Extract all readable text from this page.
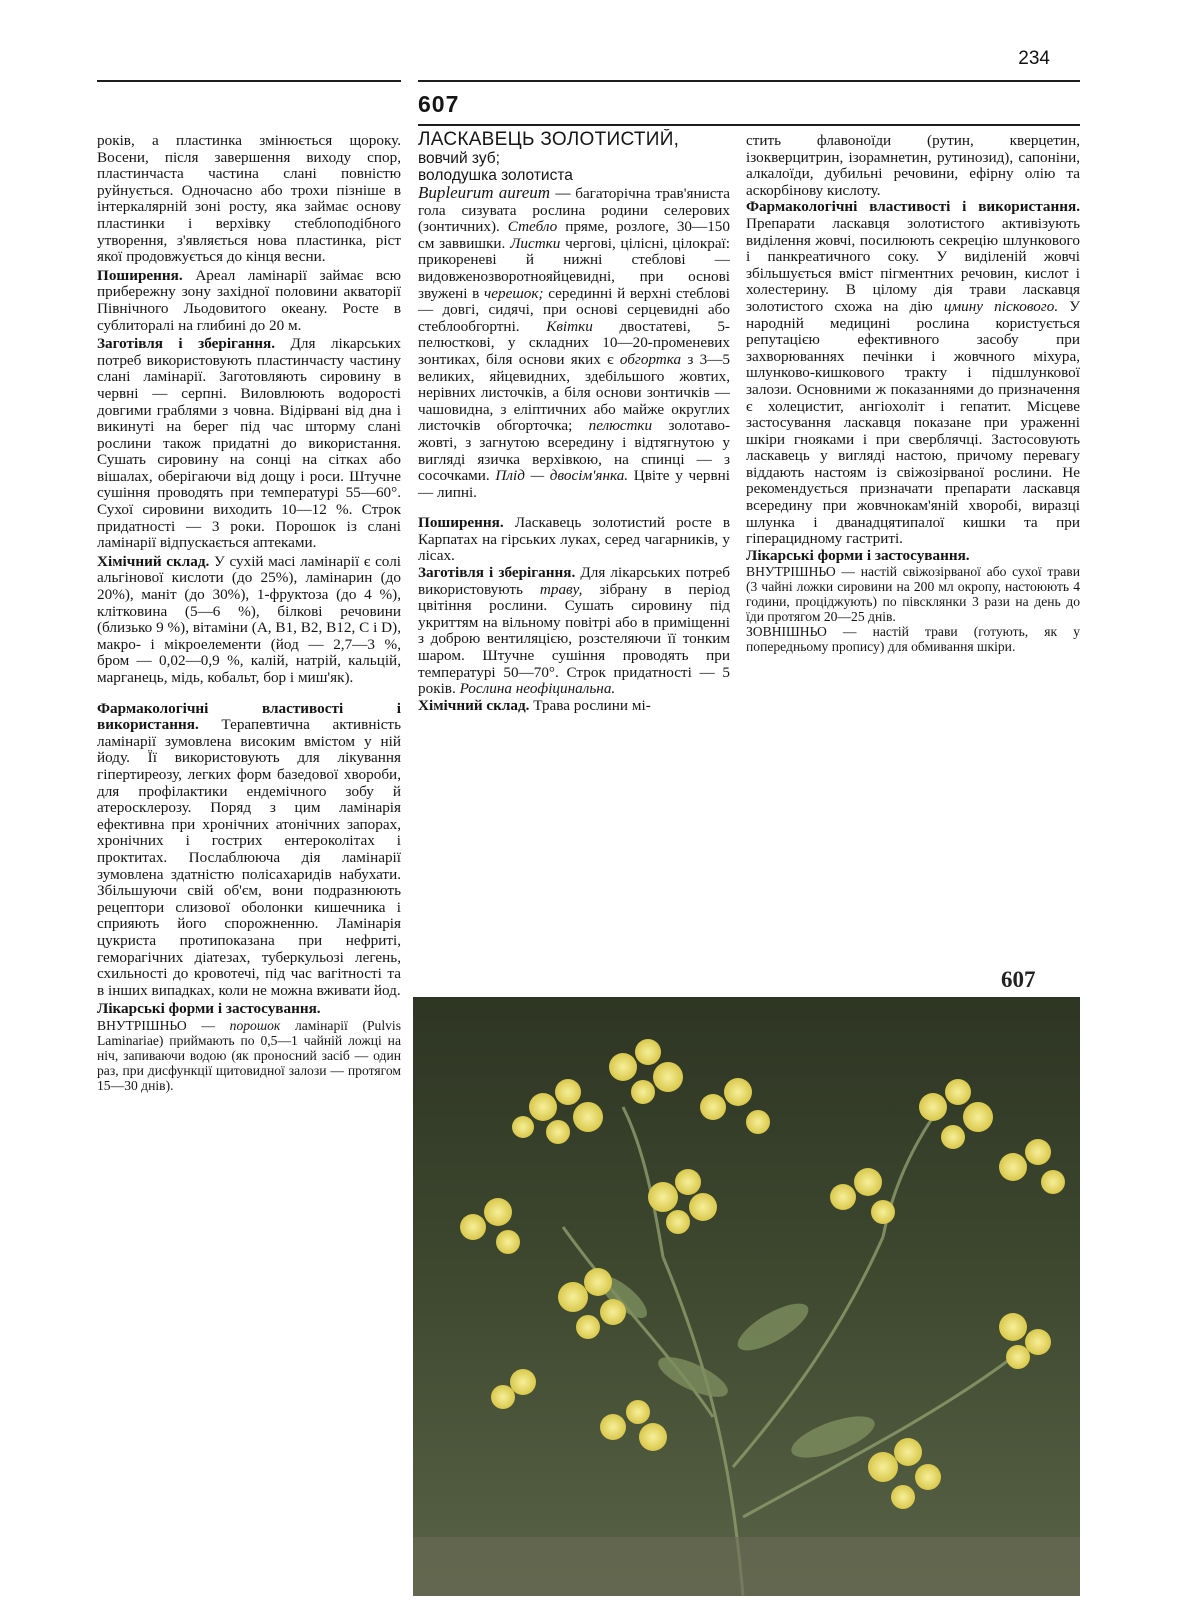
234
607

років, а пластинка змінюється щороку. Восени, після завершення виходу спор, пластинчаста частина слані повністю руйнується. Одночасно або трохи пізніше в інтеркалярній зоні росту, яка займає основу пластинки і верхівку стеблоподібного утворення, з'являється нова пластинка, ріст якої продовжується до кінця весни.

Поширення. Ареал ламінарії займає всю прибережну зону західної половини акваторії Північного Льодовитого океану. Росте в сублиторалі на глибині до 20 м.

Заготівля і зберігання. Для лікарських потреб використовують пластинчасту частину слані ламінарії. Заготовляють сировину в червні — серпні. Виловлюють водорості довгими граблями з човна. Відірвані від дна і викинуті на берег під час шторму слані рослини також придатні до використання. Сушать сировину на сонці на сітках або вішалах, оберігаючи від дощу і роси. Штучне сушіння проводять при температурі 55—60°. Сухої сировини виходить 10—12 %. Строк придатності — 3 роки. Порошок із слані ламінарії відпускається аптеками.

Хімічний склад. У сухій масі ламінарії є солі альгінової кислоти (до 25%), ламінарин (до 20%), маніт (до 30%), 1-фруктоза (до 4 %), клітковина (5—6 %), білкові речовини (близько 9 %), вітаміни (A, B1, B2, B12, C і D), макро- і мікроелементи (йод — 2,7—3 %, бром — 0,02—0,9 %, калій, натрій, кальцій, марганець, мідь, кобальт, бор і миш'як).

Фармакологічні властивості і використання. Терапевтична активність ламінарії зумовлена високим вмістом у ній йоду. Її використовують для лікування гіпертиреозу, легких форм базедової хвороби, для профілактики ендемічного зобу й атеросклерозу. Поряд з цим ламінарія ефективна при хронічних атонічних запорах, хронічних і гострих ентероколітах і проктитах. Послаблююча дія ламінарії зумовлена здатністю полісахаридів набухати. Збільшуючи свій об'єм, вони подразнюють рецептори слизової оболонки кишечника і сприяють його спорожненню. Ламінарія цукриста протипоказана при нефриті, геморагічних діатезах, туберкульозі легень, схильності до кровотечі, під час вагітності та в інших випадках, коли не можна вживати йод.

Лікарські форми і застосування.

ВНУТРІШНЬО — порошок ламінарії (Pulvis Laminariae) приймають по 0,5—1 чайній ложці на ніч, запиваючи водою (як проносний засіб — один раз, при дисфункції щитовидної залози — протягом 15—30 днів).

ЛАСКАВЕЦЬ ЗОЛОТИСТИЙ,

вовчий зуб;

володушка золотиста

Bupleurum aureum — багаторічна трав'яниста гола сизувата рослина родини селерових (зонтичних). Стебло пряме, розлоге, 30—150 см заввишки. Листки чергові, цілісні, цілокраї: прикореневі й нижні стеблові — видовженозворотнояйцевидні, при основі звужені в черешок; серединні й верхні стеблові — довгі, сидячі, при основі серцевидні або стеблообгортні. Квітки двостатеві, 5-пелюсткові, у складних 10—20-променевих зонтиках, біля основи яких є обгортка з 3—5 великих, яйцевидних, здебільшого жовтих, нерівних листочків, а біля основи зонтичків — чашовидна, з еліптичних або майже округлих листочків обгорточка; пелюстки золотаво-жовті, з загнутою всередину і відтягнутою у вигляді язичка верхівкою, на спинці — з сосочками. Плід — двосім'янка. Цвіте у червні — липні.

Поширення. Ласкавець золотистий росте в Карпатах на гірських луках, серед чагарників, у лісах.

Заготівля і зберігання. Для лікарських потреб використовують траву, зібрану в період цвітіння рослини. Сушать сировину під укриттям на вільному повітрі або в приміщенні з доброю вентиляцією, розстеляючи її тонким шаром. Штучне сушіння проводять при температурі 50—70°. Строк придатності — 5 років. Рослина неофіцинальна.

Хімічний склад. Трава рослини мі-

стить флавоноїди (рутин, кверцетин, ізокверцитрин, ізорамнетин, рутинозид), сапоніни, алкалоїди, дубильні речовини, ефірну олію та аскорбінову кислоту.

Фармакологічні властивості і використання. Препарати ласкавця золотистого активізують виділення жовчі, посилюють секрецію шлункового і панкреатичного соку. У виділеній жовчі збільшується вміст пігментних речовин, кислот і холестерину. В цілому дія трави ласкавця золотистого схожа на дію цмину піскового. У народній медицині рослина користується репутацією ефективного засобу при захворюваннях печінки і жовчного міхура, шлунково-кишкового тракту і підшлункової залози. Основними ж показаннями до призначення є холецистит, ангіохоліт і гепатит. Місцеве застосування ласкавця показане при ураженні шкіри гнояками і при сверблячці. Застосовують ласкавець у вигляді настою, причому перевагу віддають настоям із свіжозірваної рослини. Не рекомендується призначати препарати ласкавця всередину при жовчнокам'яній хворобі, виразці шлунка і дванадцятипалої кишки та при гіперацидному гастриті.

Лікарські форми і застосування.

ВНУТРІШНЬО — настій свіжозірваної або сухої трави (3 чайні ложки сировини на 200 мл окропу, настоюють 4 години, проціджують) по півсклянки 3 рази на день до їди протягом 20—25 днів.

ЗОВНІШНЬО — настій трави (готують, як у попередньому пропису) для обмивання шкіри.

607
